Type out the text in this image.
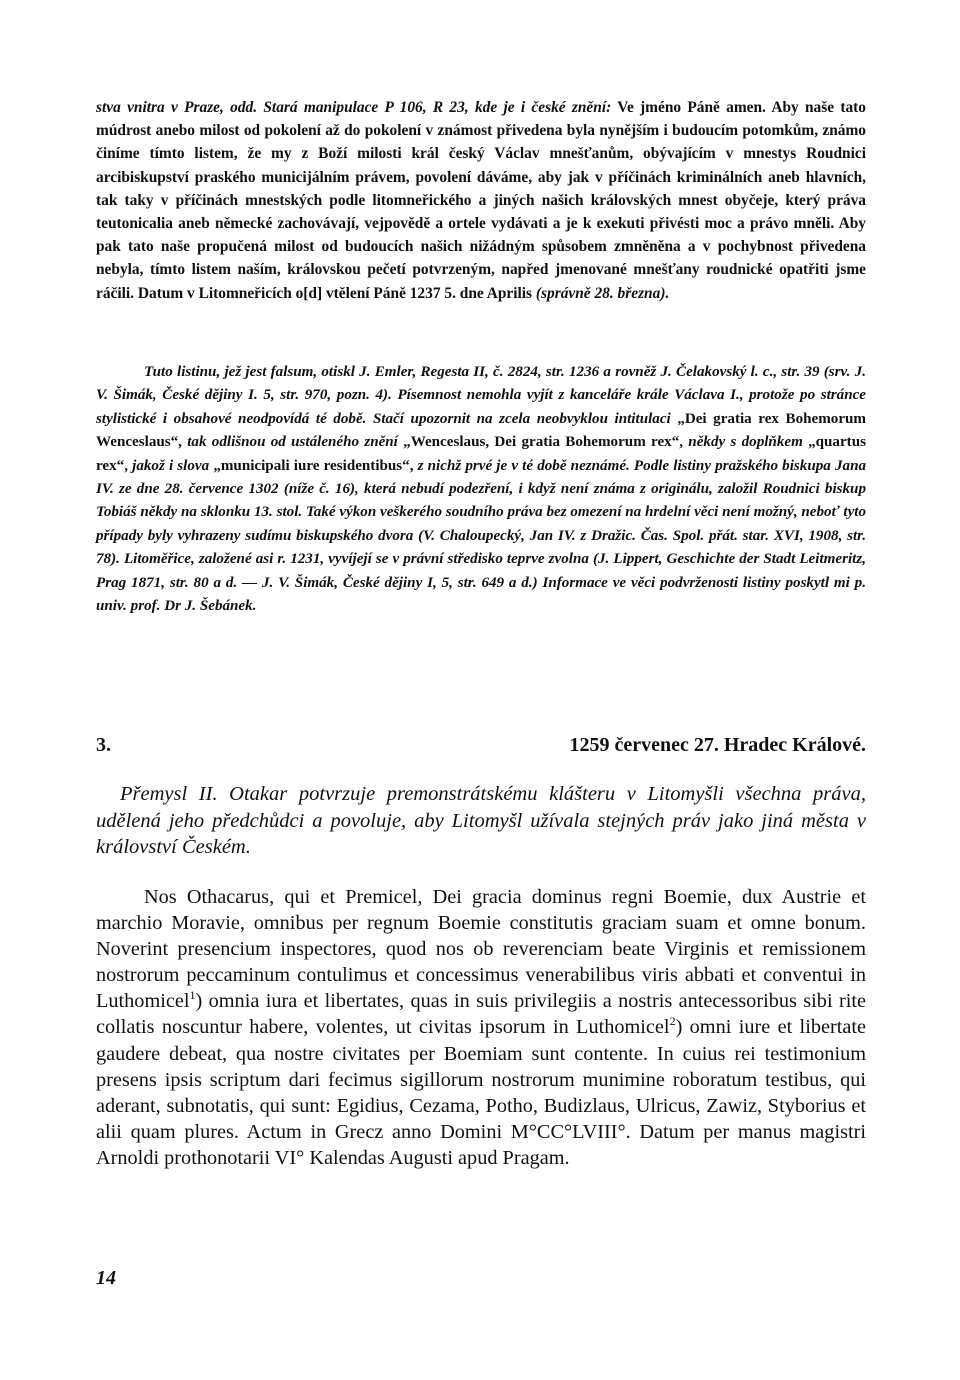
stva vnitra v Praze, odd. Stará manipulace P 106, R 23, kde je i české znění: Ve jméno Páně amen. Aby naše tato múdrost anebo milost od pokolení až do pokolení v známost přivedena byla nynějším i budoucím potomkům, známo činíme tímto listem, že my z Boží milosti král český Václav mnešťanům, obývajícím v mnestys Roudnici arcibiskupství praského municijálním právem, povolení dáváme, aby jak v příčinách kriminálních aneb hlavních, tak taky v příčinách mnestských podle litomneřického a jiných našich královských mnest obyčeje, který práva teutonicalia aneb německé zachovávají, vejpovědě a ortele vydávati a je k exekuti přivésti moc a právo mněli. Aby pak tato naše propučená milost od budoucích našich nižádným spůsobem zmněněna a v pochybnost přivedena nebyla, tímto listem naším, královskou pečetí potvrzeným, napřed jmenované mnešťany roudnické opatřiti jsme ráčili. Datum v Litomneřicích o[d] vtělení Páně 1237 5. dne Aprilis (správně 28. března).
Tuto listinu, jež jest falsum, otiskl J. Emler, Regesta II, č. 2824, str. 1236 a rovněž J. Čelakovský l. c., str. 39 (srv. J. V. Šimák, České dějiny I. 5, str. 970, pozn. 4). Písemnost nemohla vyjít z kanceláře krále Václava I., protože po stránce stylistické i obsahové neodpovídá té době. Stačí upozornit na zcela neobvyklou intitulaci „Dei gratia rex Bohemorum Wenceslaus“, tak odlišnou od ustáleného znění „Wenceslaus, Dei gratia Bohemorum rex“, někdy s doplňkem „quartus rex“, jakož i slova „municipali iure residentibus“, z nichž prvé je v té době neznámé. Podle listiny pražského biskupa Jana IV. ze dne 28. července 1302 (níže č. 16), která nebudí podezření, i když není známa z originálu, založil Roudnici biskup Tobiáš někdy na sklonku 13. stol. Také výkon veškerého soudního práva bez omezení na hrdelní věci není možný, neboť tyto případy byly vyhrazeny sudímu biskupského dvora (V. Chaloupecký, Jan IV. z Dražic. Čas. Spol. přát. star. XVI, 1908, str. 78). Litoměřice, založené asi r. 1231, vyvíjejí se v právní středisko teprve zvolna (J. Lippert, Geschichte der Stadt Leitmeritz, Prag 1871, str. 80 a d. — J. V. Šimák, České dějiny I, 5, str. 649 a d.) Informace ve věci podvrženosti listiny poskytl mi p. univ. prof. Dr J. Šebánek.
3.	1259 červenec 27. Hradec Králové.
Přemysl II. Otakar potvrzuje premonstrátskému klášteru v Litomyšli všechna práva, udělená jeho předchůdci a povoluje, aby Litomyšl užívala stejných práv jako jiná města v království Českém.
Nos Othacarus, qui et Premicel, Dei gracia dominus regni Boemie, dux Austrie et marchio Moravie, omnibus per regnum Boemie constitutis graciam suam et omne bonum. Noverint presencium inspectores, quod nos ob reverenciam beate Virginis et remissionem nostrorum peccaminum contulimus et concessimus venerabilibus viris abbati et conventui in Luthomicel$^1$) omnia iura et libertates, quas in suis privilegiis a nostris antecessoribus sibi rite collatis noscuntur habere, volentes, ut civitas ipsorum in Luthomicel$^2$) omni iure et libertate gaudere debeat, qua nostre civitates per Boemiam sunt contente. In cuius rei testimonium presens ipsis scriptum dari fecimus sigillorum nostrorum munimine roboratum testibus, qui aderant, subnotatis, qui sunt: Egidius, Cezama, Potho, Budizlaus, Ulricus, Zawiz, Styborius et alii quam plures. Actum in Grecz anno Domini M°CC°LVIII°. Datum per manus magistri Arnoldi prothonotarii VI° Kalendas Augusti apud Pragam.
14
